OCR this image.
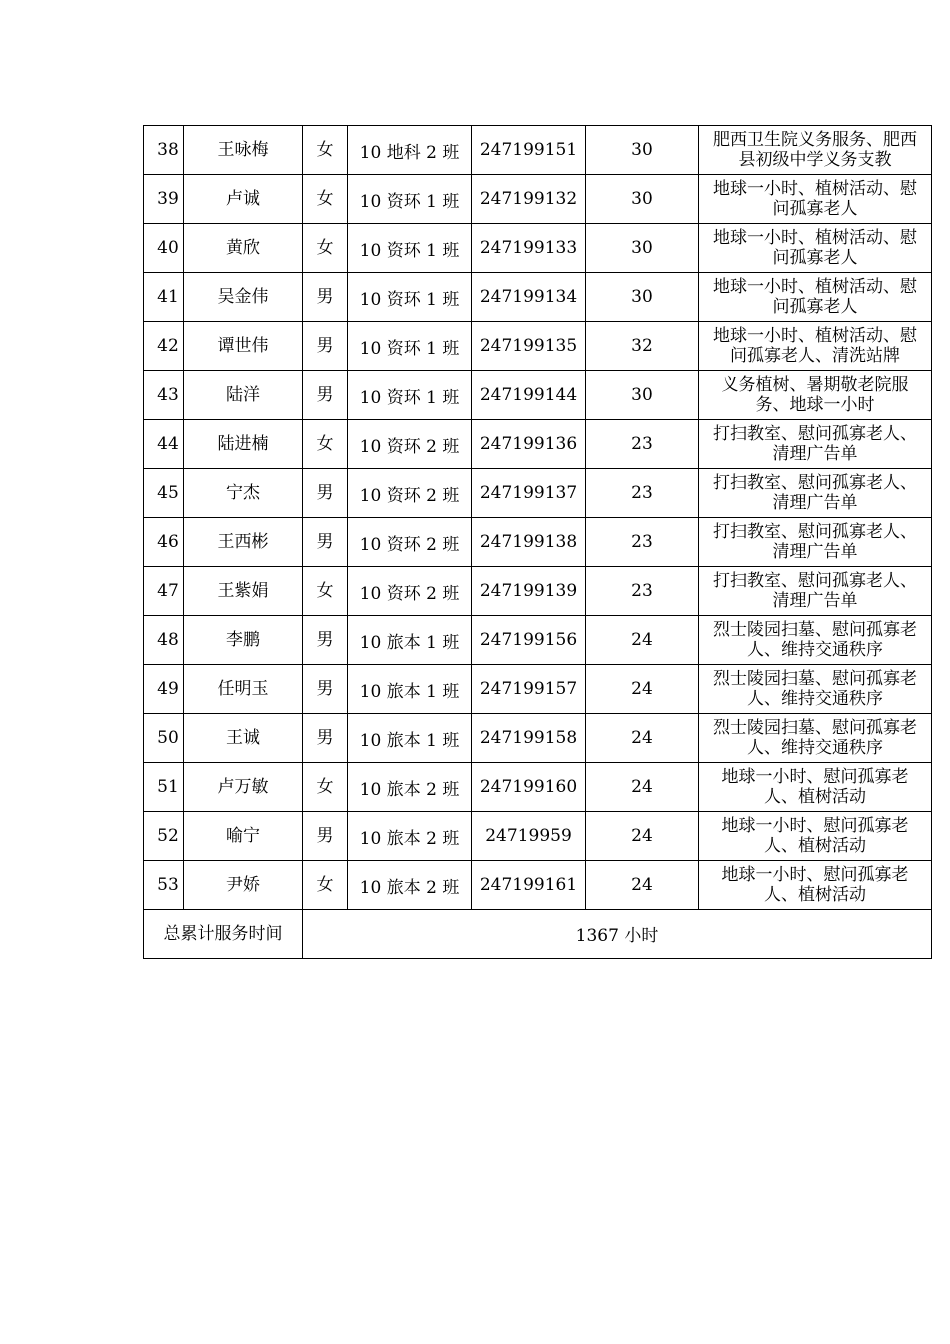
38	王咏梅	女	10 地科 2 班	247199151	30	肥西卫生院义务服务、肥西县初级中学义务支教
39	卢诚	女	10 资环 1 班	247199132	30	地球一小时、植树活动、慰问孤寡老人
40	黄欣	女	10 资环 1 班	247199133	30	地球一小时、植树活动、慰问孤寡老人
41	吴金伟	男	10 资环 1 班	247199134	30	地球一小时、植树活动、慰问孤寡老人
42	谭世伟	男	10 资环 1 班	247199135	32	地球一小时、植树活动、慰问孤寡老人、清洗站牌
43	陆洋	男	10 资环 1 班	247199144	30	义务植树、暑期敬老院服务、地球一小时
44	陆进楠	女	10 资环 2 班	247199136	23	打扫教室、慰问孤寡老人、清理广告单
45	宁杰	男	10 资环 2 班	247199137	23	打扫教室、慰问孤寡老人、清理广告单
46	王西彬	男	10 资环 2 班	247199138	23	打扫教室、慰问孤寡老人、清理广告单
47	王紫娟	女	10 资环 2 班	247199139	23	打扫教室、慰问孤寡老人、清理广告单
48	李鹏	男	10 旅本 1 班	247199156	24	烈士陵园扫墓、慰问孤寡老人、维持交通秩序
49	任明玉	男	10 旅本 1 班	247199157	24	烈士陵园扫墓、慰问孤寡老人、维持交通秩序
50	王诚	男	10 旅本 1 班	247199158	24	烈士陵园扫墓、慰问孤寡老人、维持交通秩序
51	卢万敏	女	10 旅本 2 班	247199160	24	地球一小时、慰问孤寡老人、植树活动
52	喻宁	男	10 旅本 2 班	24719959	24	地球一小时、慰问孤寡老人、植树活动
53	尹娇	女	10 旅本 2 班	247199161	24	地球一小时、慰问孤寡老人、植树活动
总累计服务时间		1367 小时				
